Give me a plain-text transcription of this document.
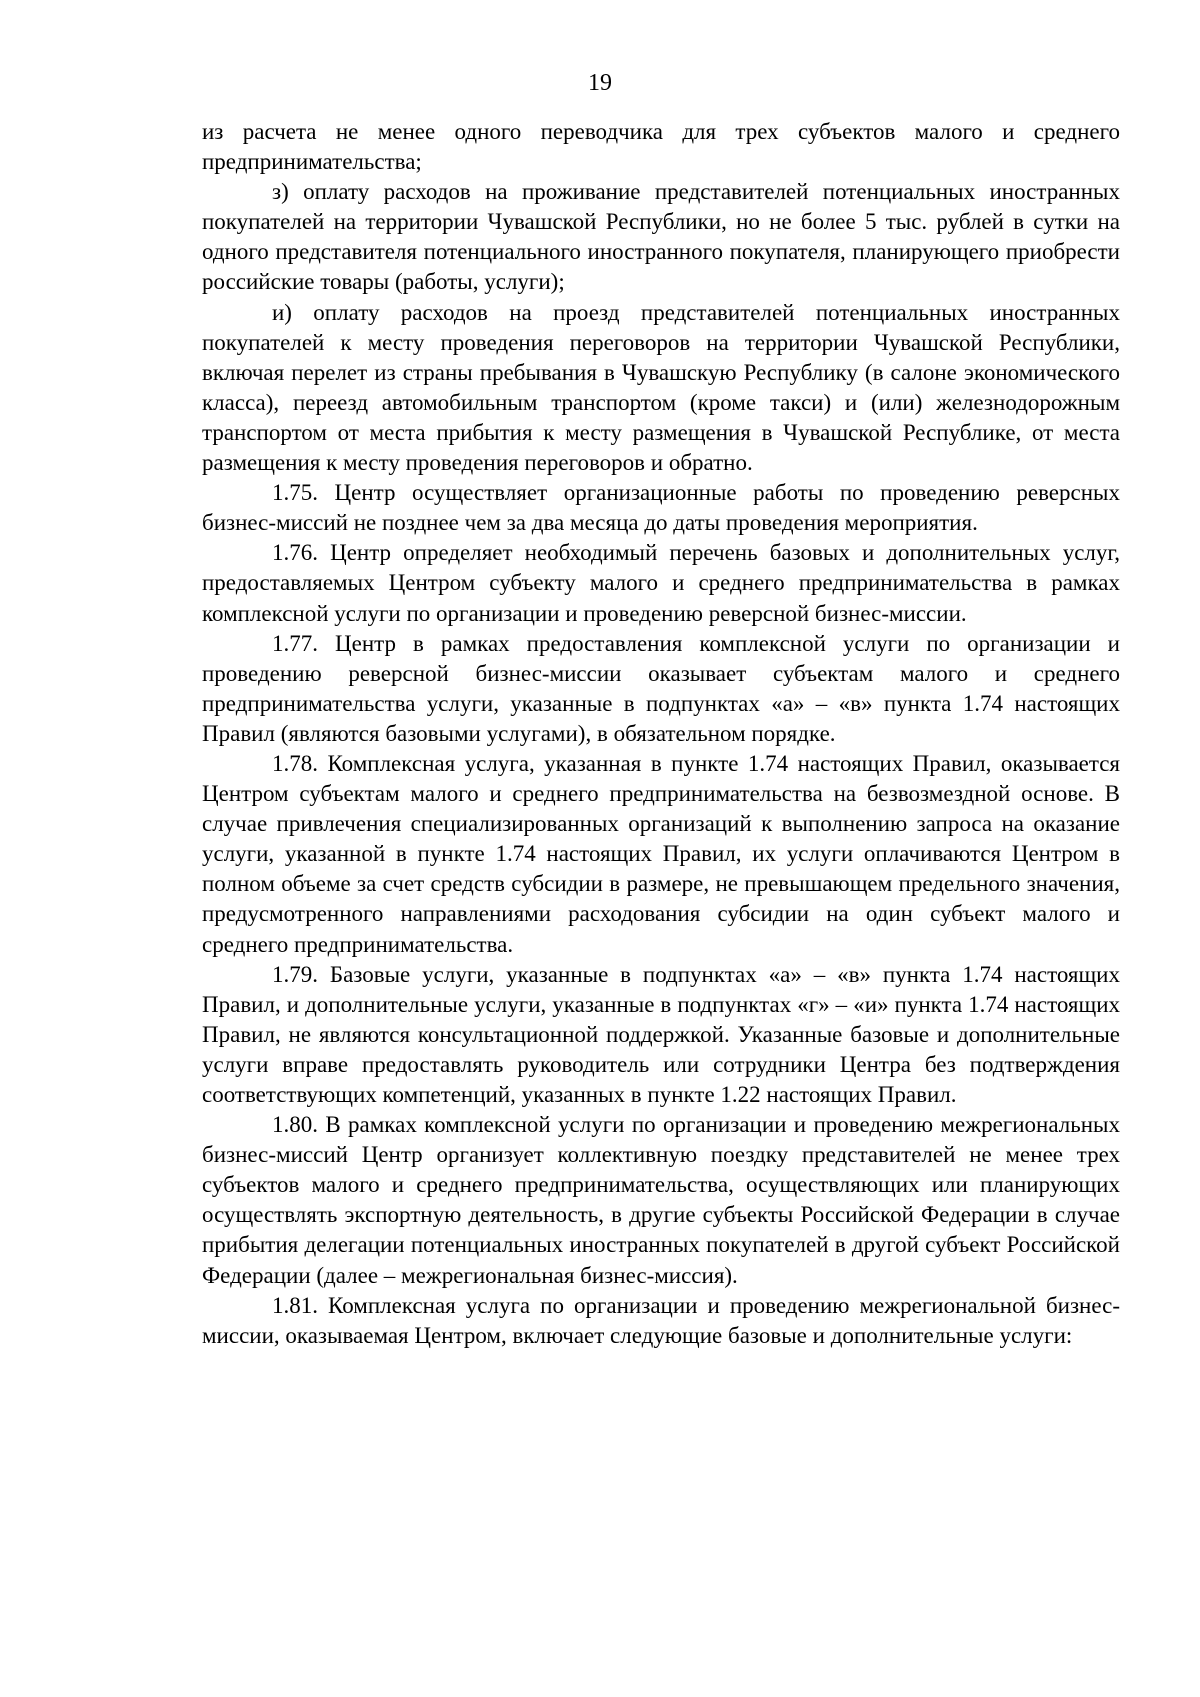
19

из расчета не менее одного переводчика для трех субъектов малого и среднего предпринимательства;

з) оплату расходов на проживание представителей потенциальных иностранных покупателей на территории Чувашской Республики, но не более 5 тыс. рублей в сутки на одного представителя потенциального иностранного покупателя, планирующего приобрести российские товары (работы, услуги);

и) оплату расходов на проезд представителей потенциальных иностранных покупателей к месту проведения переговоров на территории Чувашской Республики, включая перелет из страны пребывания в Чувашскую Республику (в салоне экономического класса), переезд автомобильным транспортом (кроме такси) и (или) железнодорожным транспортом от места прибытия к месту размещения в Чувашской Республике, от места размещения к месту проведения переговоров и обратно.

1.75. Центр осуществляет организационные работы по проведению реверсных бизнес-миссий не позднее чем за два месяца до даты проведения мероприятия.

1.76. Центр определяет необходимый перечень базовых и дополнительных услуг, предоставляемых Центром субъекту малого и среднего предпринимательства в рамках комплексной услуги по организации и проведению реверсной бизнес-миссии.

1.77. Центр в рамках предоставления комплексной услуги по организации и проведению реверсной бизнес-миссии оказывает субъектам малого и среднего предпринимательства услуги, указанные в подпунктах «а» – «в» пункта 1.74 настоящих Правил (являются базовыми услугами), в обязательном порядке.

1.78. Комплексная услуга, указанная в пункте 1.74 настоящих Правил, оказывается Центром субъектам малого и среднего предпринимательства на безвозмездной основе. В случае привлечения специализированных организаций к выполнению запроса на оказание услуги, указанной в пункте 1.74 настоящих Правил, их услуги оплачиваются Центром в полном объеме за счет средств субсидии в размере, не превышающем предельного значения, предусмотренного направлениями расходования субсидии на один субъект малого и среднего предпринимательства.

1.79. Базовые услуги, указанные в подпунктах «а» – «в» пункта 1.74 настоящих Правил, и дополнительные услуги, указанные в подпунктах «г» – «и» пункта 1.74 настоящих Правил, не являются консультационной поддержкой. Указанные базовые и дополнительные услуги вправе предоставлять руководитель или сотрудники Центра без подтверждения соответствующих компетенций, указанных в пункте 1.22 настоящих Правил.

1.80. В рамках комплексной услуги по организации и проведению межрегиональных бизнес-миссий Центр организует коллективную поездку представителей не менее трех субъектов малого и среднего предпринимательства, осуществляющих или планирующих осуществлять экспортную деятельность, в другие субъекты Российской Федерации в случае прибытия делегации потенциальных иностранных покупателей в другой субъект Российской Федерации (далее – межрегиональная бизнес-миссия).

1.81. Комплексная услуга по организации и проведению межрегиональной бизнес-миссии, оказываемая Центром, включает следующие базовые и дополнительные услуги:
